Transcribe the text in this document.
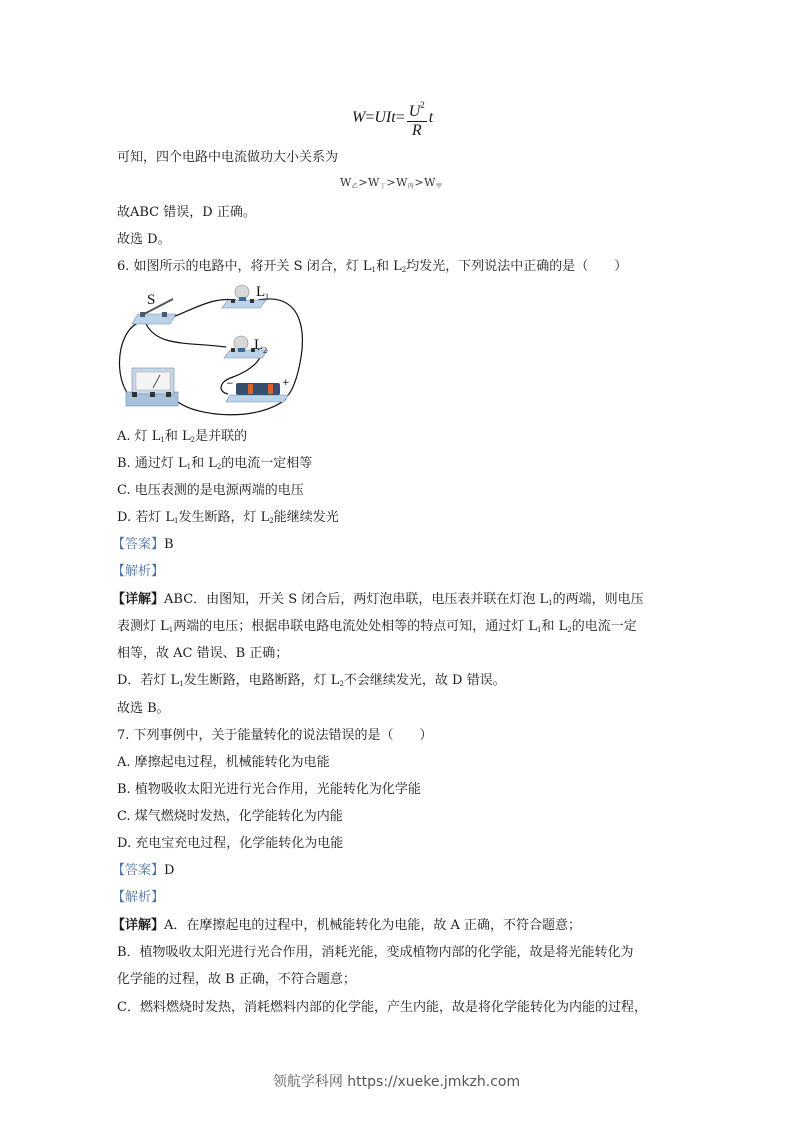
W = UIt = $\frac{U^2}{R}$ t
可知，四个电路中电流做功大小关系为
$W_乙>W_丁>W_丙>W_甲$
故ABC 错误，D 正确。
故选 D。
6. 如图所示的电路中，将开关 S 闭合，灯 $L_1$和 $L_2$均发光，下列说法中正确的是（　　）
S	L 1
L 2
−	+
A. 灯 $L_1$和 $L_2$是并联的
B. 通过灯 $L_1$和 $L_2$的电流一定相等
C. 电压表测的是电源两端的电压
D. 若灯 $L_1$发生断路，灯 $L_2$能继续发光
【答案】B
【解析】
【详解】ABC．由图知，开关 S 闭合后，两灯泡串联，电压表并联在灯泡 $L_1$的两端，则电压
表测灯 $L_1$两端的电压；根据串联电路电流处处相等的特点可知，通过灯 $L_1$和 $L_2$的电流一定
相等，故 AC 错误、B 正确；
D．若灯 $L_1$发生断路，电路断路，灯 $L_2$不会继续发光，故 D 错误。
故选 B。
7. 下列事例中，关于能量转化的说法错误的是（　　）
A. 摩擦起电过程，机械能转化为电能
B. 植物吸收太阳光进行光合作用，光能转化为化学能
C. 煤气燃烧时发热，化学能转化为内能
D. 充电宝充电过程，化学能转化为电能
【答案】D
【解析】
【详解】A．在摩擦起电的过程中，机械能转化为电能，故 A 正确，不符合题意；
B．植物吸收太阳光进行光合作用，消耗光能，变成植物内部的化学能，故是将光能转化为
化学能的过程，故 B 正确，不符合题意；
C．燃料燃烧时发热，消耗燃料内部的化学能，产生内能，故是将化学能转化为内能的过程，
领航学科网 https://xueke.jmkzh.com
